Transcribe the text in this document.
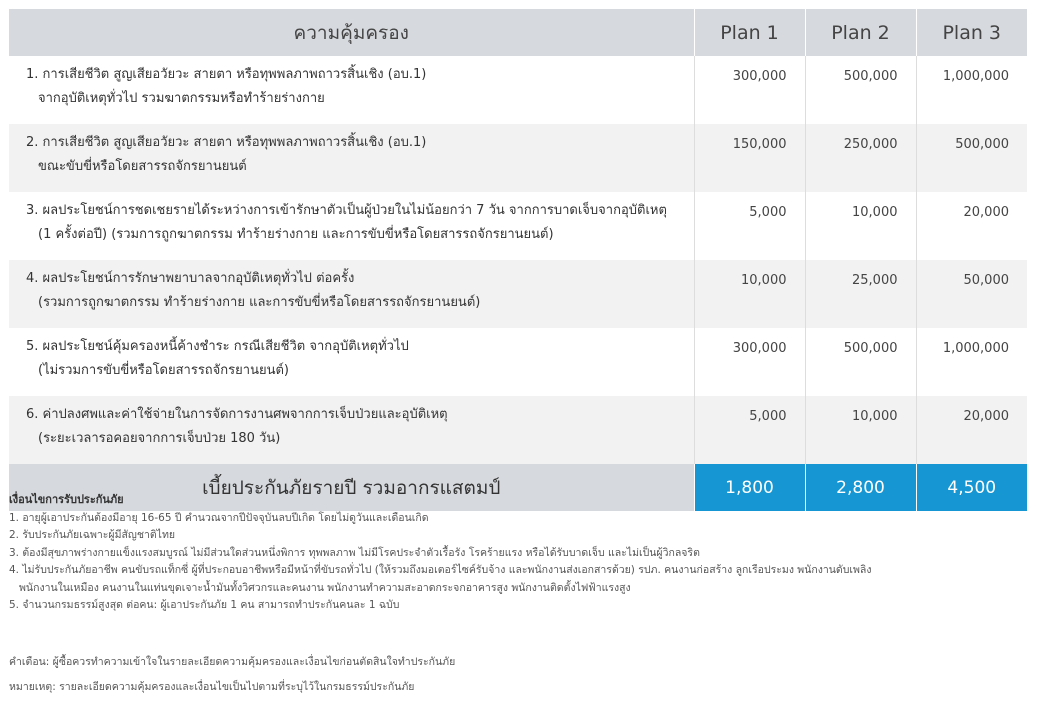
ความคุ้มครอง	Plan 1	Plan 2	Plan 3

1. การเสียชีวิต สูญเสียอวัยวะ สายตา หรือทุพพลภาพถาวรสิ้นเชิง (อบ.1)
จากอุบัติเหตุทั่วไป รวมฆาตกรรมหรือทำร้ายร่างกาย	300,000	500,000	1,000,000

2. การเสียชีวิต สูญเสียอวัยวะ สายตา หรือทุพพลภาพถาวรสิ้นเชิง (อบ.1)
ขณะขับขี่หรือโดยสารรถจักรยานยนต์	150,000	250,000	500,000

3. ผลประโยชน์การชดเชยรายได้ระหว่างการเข้ารักษาตัวเป็นผู้ป่วยในไม่น้อยกว่า 7 วัน จากการบาดเจ็บจากอุบัติเหตุ
(1 ครั้งต่อปี) (รวมการถูกฆาตกรรม ทำร้ายร่างกาย และการขับขี่หรือโดยสารรถจักรยานยนต์)	5,000	10,000	20,000

4. ผลประโยชน์การรักษาพยาบาลจากอุบัติเหตุทั่วไป ต่อครั้ง
(รวมการถูกฆาตกรรม ทำร้ายร่างกาย และการขับขี่หรือโดยสารรถจักรยานยนต์)	10,000	25,000	50,000

5. ผลประโยชน์คุ้มครองหนี้ค้างชำระ กรณีเสียชีวิต จากอุบัติเหตุทั่วไป
(ไม่รวมการขับขี่หรือโดยสารรถจักรยานยนต์)	300,000	500,000	1,000,000

6. ค่าปลงศพและค่าใช้จ่ายในการจัดการงานศพจากการเจ็บป่วยและอุบัติเหตุ
(ระยะเวลารอคอยจากการเจ็บป่วย 180 วัน)	5,000	10,000	20,000
เบี้ยประกันภัยรายปี รวมอากรแสตมป์	1,800	2,800	4,500
เงื่อนไขการรับประกันภัย
1. อายุผู้เอาประกันต้องมีอายุ 16-65 ปี คำนวณจากปีปัจจุบันลบปีเกิด โดยไม่ดูวันและเดือนเกิด
2. รับประกันภัยเฉพาะผู้มีสัญชาติไทย
3. ต้องมีสุขภาพร่างกายแข็งแรงสมบูรณ์ ไม่มีส่วนใดส่วนหนึ่งพิการ ทุพพลภาพ ไม่มีโรคประจำตัวเรื้อรัง โรคร้ายแรง หรือได้รับบาดเจ็บ และไม่เป็นผู้วิกลจริต
4. ไม่รับประกันภัยอาชีพ คนขับรถแท็กซี่ ผู้ที่ประกอบอาชีพหรือมีหน้าที่ขับรถทั่วไป (ให้รวมถึงมอเตอร์ไซค์รับจ้าง และพนักงานส่งเอกสารด้วย) รปภ. คนงานก่อสร้าง ลูกเรือประมง พนักงานดับเพลิง
พนักงานในเหมือง คนงานในแท่นขุดเจาะน้ำมันทั้งวิศวกรและคนงาน พนักงานทำความสะอาดกระจกอาคารสูง พนักงานติดตั้งไฟฟ้าแรงสูง
5. จำนวนกรมธรรม์สูงสุด ต่อคน: ผู้เอาประกันภัย 1 คน สามารถทำประกันคนละ 1 ฉบับ
คำเตือน: ผู้ซื้อควรทำความเข้าใจในรายละเอียดความคุ้มครองและเงื่อนไขก่อนตัดสินใจทำประกันภัย
หมายเหตุ: รายละเอียดความคุ้มครองและเงื่อนไขเป็นไปตามที่ระบุไว้ในกรมธรรม์ประกันภัย
